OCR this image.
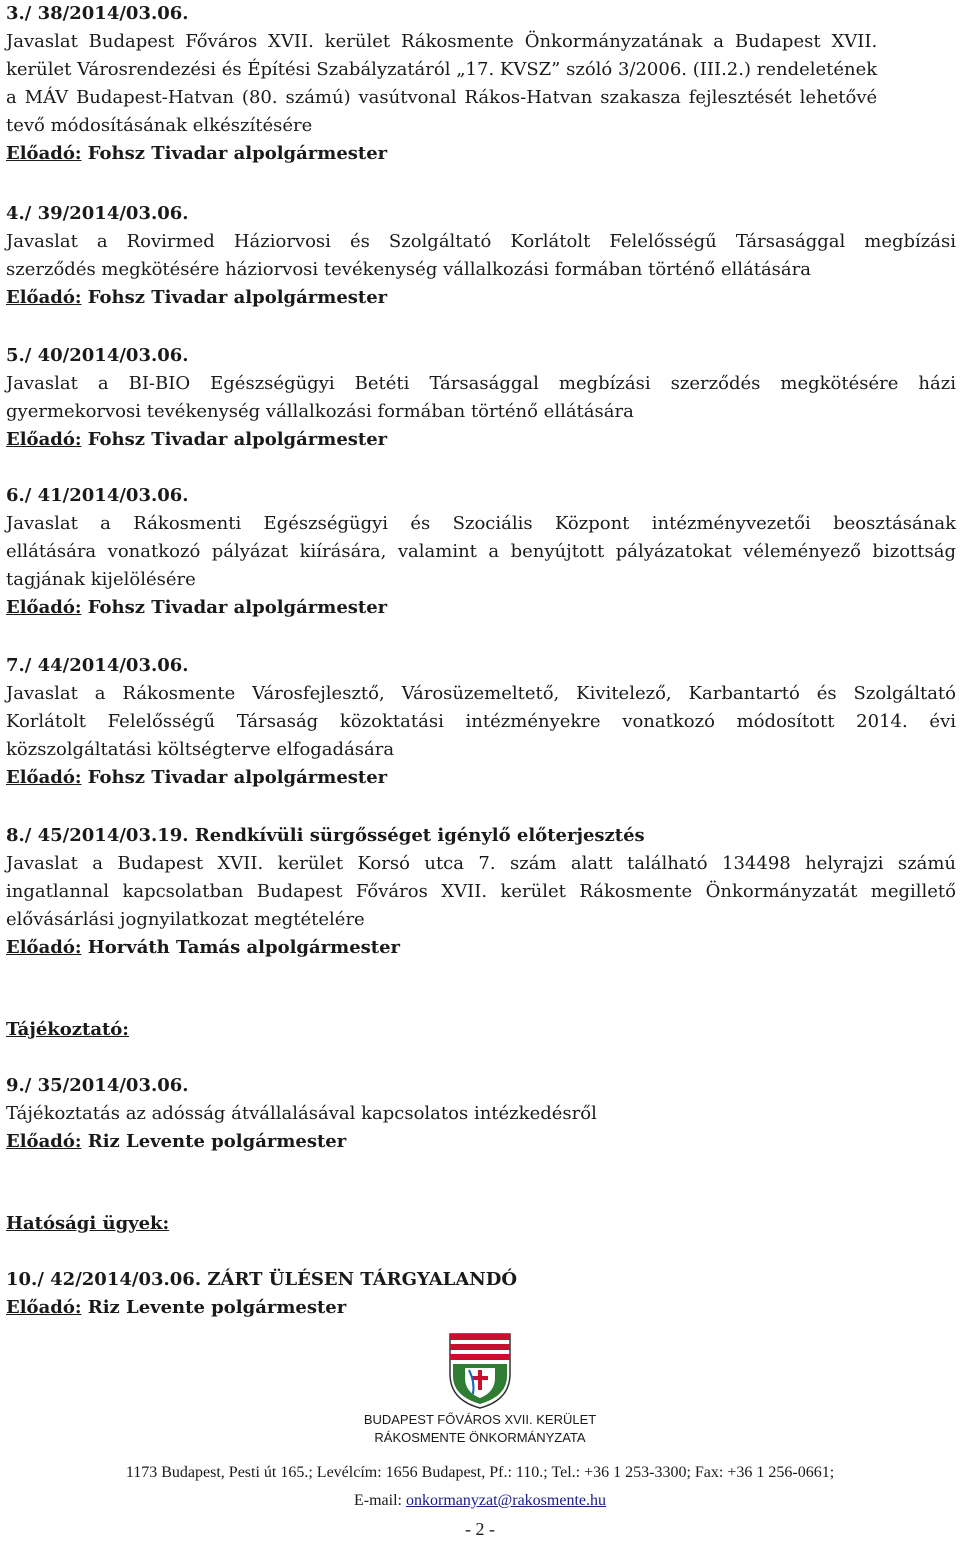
3./ 38/2014/03.06.

Javaslat Budapest Főváros XVII. kerület Rákosmente Önkormányzatának a Budapest XVII.

kerület Városrendezési és Építési Szabályzatáról „17. KVSZ” szóló 3/2006. (III.2.) rendeletének

a MÁV Budapest-Hatvan (80. számú) vasútvonal Rákos-Hatvan szakasza fejlesztését lehetővé

tevő módosításának elkészítésére

Előadó: Fohsz Tivadar alpolgármester

4./ 39/2014/03.06.

Javaslat a Rovirmed Háziorvosi és Szolgáltató Korlátolt Felelősségű Társasággal megbízási

szerződés megkötésére háziorvosi tevékenység vállalkozási formában történő ellátására

Előadó: Fohsz Tivadar alpolgármester

5./ 40/2014/03.06.

Javaslat a BI-BIO Egészségügyi Betéti Társasággal megbízási szerződés megkötésére házi

gyermekorvosi tevékenység vállalkozási formában történő ellátására

Előadó: Fohsz Tivadar alpolgármester

6./ 41/2014/03.06.

Javaslat a Rákosmenti Egészségügyi és Szociális Központ intézményvezetői beosztásának

ellátására vonatkozó pályázat kiírására, valamint a benyújtott pályázatokat véleményező bizottság

tagjának kijelölésére

Előadó: Fohsz Tivadar alpolgármester

7./ 44/2014/03.06.

Javaslat a Rákosmente Városfejlesztő, Városüzemeltető, Kivitelező, Karbantartó és Szolgáltató

Korlátolt Felelősségű Társaság közoktatási intézményekre vonatkozó módosított 2014. évi

közszolgáltatási költségterve elfogadására

Előadó: Fohsz Tivadar alpolgármester

8./ 45/2014/03.19. Rendkívüli sürgősséget igénylő előterjesztés

Javaslat a Budapest XVII. kerület Korsó utca 7. szám alatt található 134498 helyrajzi számú

ingatlannal kapcsolatban Budapest Főváros XVII. kerület Rákosmente Önkormányzatát megillető

elővásárlási jognyilatkozat megtételére

Előadó: Horváth Tamás alpolgármester

Tájékoztató:

9./ 35/2014/03.06.

Tájékoztatás az adósság átvállalásával kapcsolatos intézkedésről

Előadó: Riz Levente polgármester

Hatósági ügyek:

10./ 42/2014/03.06. ZÁRT ÜLÉSEN TÁRGYALANDÓ

Előadó: Riz Levente polgármester

BUDAPEST FŐVÁROS XVII. KERÜLET
RÁKOSMENTE ÖNKORMÁNYZATA
1173 Budapest, Pesti út 165.; Levélcím: 1656 Budapest, Pf.: 110.; Tel.: +36 1 253-3300; Fax: +36 1 256-0661;
E-mail: onkormanyzat@rakosmente.hu
- 2 -
